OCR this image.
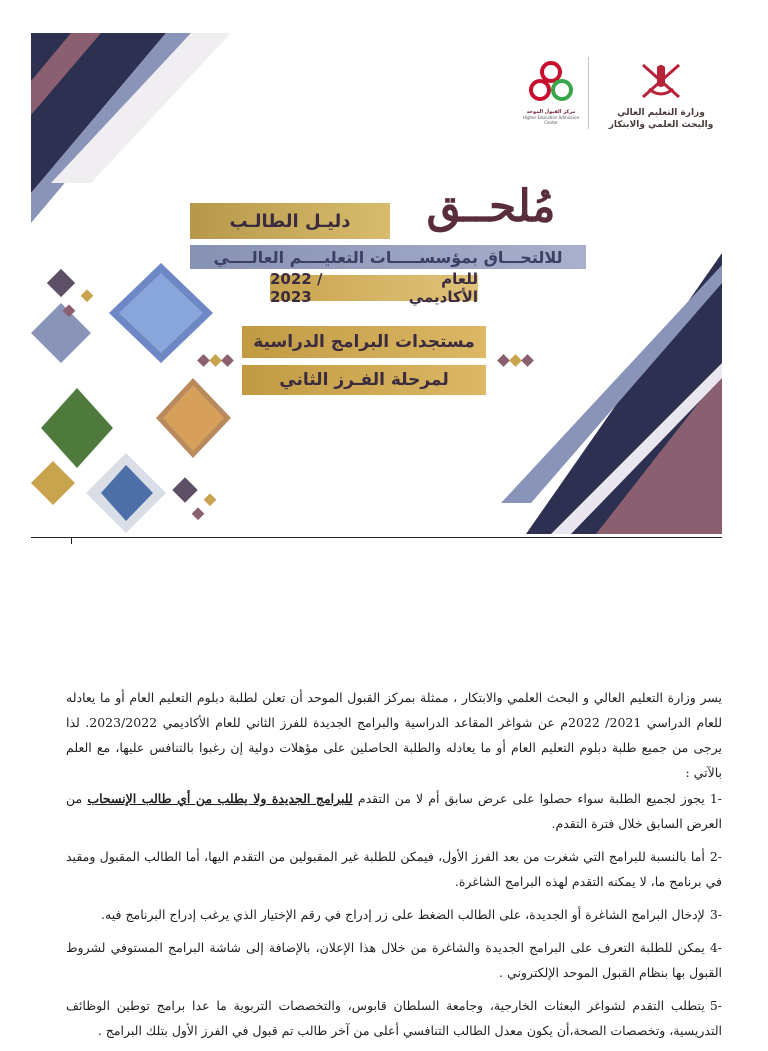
وزارة التعليم العالي
والبحث العلمي والابتكار
مركز القبول الموحد
Higher Education Admission Center
مُلحــق
دليـل الطالـب
للالتحـــاق بمؤسســـــات التعليــــم العالــــي
للعام الأكاديمي
2022 / 2023
مستجدات البرامج الدراسية
لمرحلة الفـرز الثاني

يسر وزارة التعليم العالي و البحث العلمي والابتكار ، ممثلة بمركز القبول الموحد أن تعلن لطلبة دبلوم التعليم العام أو ما يعادله للعام الدراسي 2021/ 2022م عن شواغر المقاعد الدراسية والبرامج الجديدة للفرز الثاني للعام الأكاديمي 2023/2022. لذا يرجى من جميع طلبة دبلوم التعليم العام أو ما يعادله والطلبة الحاصلين على مؤهلات دولية إن رغبوا بالتنافس عليها، مع العلم بالآتي :

-1يجوز لجميع الطلبة سواء حصلوا على عرض سابق أم لا من التقدم للبرامج الجديدة ولا يطلب من أي طالب الإنسحاب من العرض السابق خلال فترة التقدم.
-2أما بالنسبة للبرامج التي شغرت من بعد الفرز الأول، فيمكن للطلبة غير المقبولين من التقدم اليها، أما الطالب المقبول ومقيد في برنامج ما، لا يمكنه التقدم لهذه البرامج الشاغرة.
-3لإدخال البرامج الشاغرة أو الجديدة، على الطالب الضغط على زر إدراج في رقم الإختيار الذي يرغب إدراج البرنامج فيه.
-4يمكن للطلبة التعرف على البرامج الجديدة والشاغرة من خلال هذا الإعلان، بالإضافة إلى شاشة البرامج المستوفي لشروط القبول بها بنظام القبول الموحد الإلكتروني .
-5يتطلب التقدم لشواغر البعثات الخارجية، وجامعة السلطان قابوس، والتخصصات التربوية ما عدا برامج توطين الوظائف التدريسية، وتخصصات الصحة،أن يكون معدل الطالب التنافسي أعلى من آخر طالب تم قبول في الفرز الأول بتلك البرامج .
